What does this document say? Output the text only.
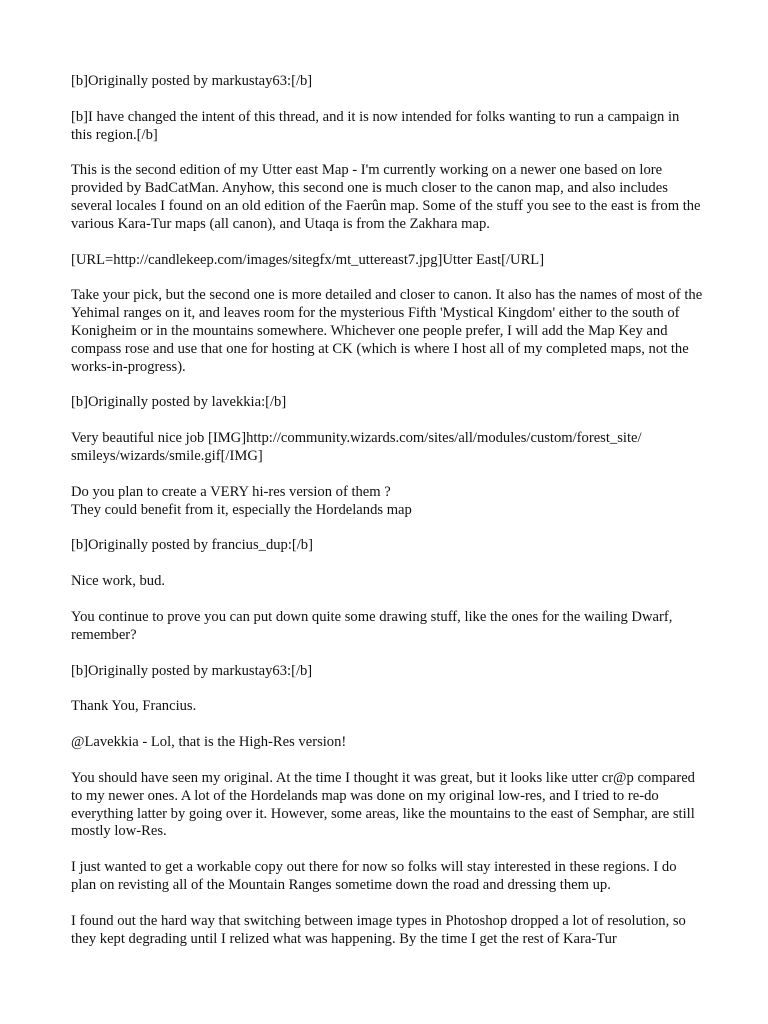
[b]Originally posted by markustay63:[/b]

[b]I have changed the intent of this thread, and it is now intended for folks wanting to run a campaign in this region.[/b]

This is the second edition of my Utter east Map - I'm currently working on a newer one based on lore provided by BadCatMan. Anyhow, this second one is much closer to the canon map, and also includes several locales I found on an old edition of the Faerûn map. Some of the stuff you see to the east is from the various Kara-Tur maps (all canon), and Utaqa is from the Zakhara map.

[URL=http://candlekeep.com/images/sitegfx/mt_uttereast7.jpg]Utter East[/URL]

Take your pick, but the second one is more detailed and closer to canon. It also has the names of most of the Yehimal ranges on it, and leaves room for the mysterious Fifth 'Mystical Kingdom' either to the south of Konigheim or in the mountains somewhere. Whichever one people prefer, I will add the Map Key and compass rose and use that one for hosting at CK (which is where I host all of my completed maps, not the works-in-progress).

[b]Originally posted by lavekkia:[/b]

Very beautiful nice job [IMG]http://community.wizards.com/sites/all/modules/custom/forest_site/
smileys/wizards/smile.gif[/IMG]

Do you plan to create a VERY hi-res version of them ?
They could benefit from it, especially the Hordelands map

[b]Originally posted by francius_dup:[/b]

Nice work, bud.

You continue to prove you can put down quite some drawing stuff, like the ones for the wailing Dwarf, remember?

[b]Originally posted by markustay63:[/b]

Thank You, Francius.

@Lavekkia - Lol, that is the High-Res version!

You should have seen my original. At the time I thought it was great, but it looks like utter cr@p compared to my newer ones. A lot of the Hordelands map was done on my original low-res, and I tried to re-do everything latter by going over it. However, some areas, like the mountains to the east of Semphar, are still mostly low-Res.

I just wanted to get a workable copy out there for now so folks will stay interested in these regions. I do plan on revisting all of the Mountain Ranges sometime down the road and dressing them up.

I found out the hard way that switching between image types in Photoshop dropped a lot of resolution, so they kept degrading until I relized what was happening. By the time I get the rest of Kara-Tur
